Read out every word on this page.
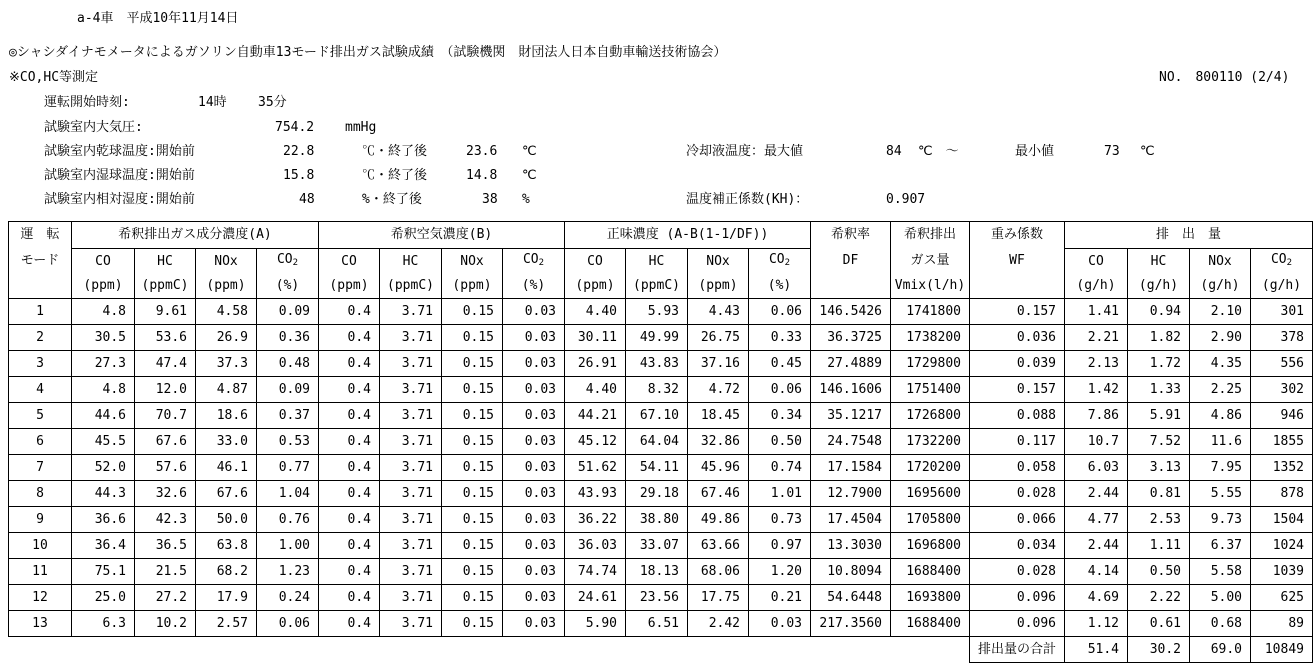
a-4車　平成10年11月14日
◎シャシダイナモメータによるガソリン自動車13モード排出ガス試験成績　（試験機関　財団法人日本自動車輸送技術協会）
※CO,HC等測定	NO.　800110 (2/4)
運転開始時刻:	14時 35分
試験室内大気圧:	754.2 mmHg
試験室内乾球温度:開始前	22.8	℃・終了後	23.6 ℃
試験室内湿球温度:開始前	15.8	℃・終了後	14.8 ℃
試験室内相対湿度:開始前	48	%・終了後	38 %
冷却液温度：最大値	84 ℃　～	最小値	73 ℃
温度補正係数(KH)：	0.907
運　転	希釈排出ガス成分濃度(A)				希釈空気濃度(B)				正味濃度 (A-B(1-1/DF))				希釈率	希釈排出	重み係数	排　出　量			
モード	CO	HC	NOx	$CO_2$	CO	HC	NOx	$CO_2$	CO	HC	NOx	$CO_2$	DF	ガス量	WF	CO	HC	NOx	$CO_2$
	(ppm)	(ppmC)	(ppm)	(%)	(ppm)	(ppmC)	(ppm)	(%)	(ppm)	(ppmC)	(ppm)	(%)		Vmix(l/h)		(g/h)	(g/h)	(g/h)	(g/h)
1	4.8	9.61	4.58	0.09	0.4	3.71	0.15	0.03	4.40	5.93	4.43	0.06	146.5426	1741800	0.157	1.41	0.94	2.10	301
2	30.5	53.6	26.9	0.36	0.4	3.71	0.15	0.03	30.11	49.99	26.75	0.33	36.3725	1738200	0.036	2.21	1.82	2.90	378
3	27.3	47.4	37.3	0.48	0.4	3.71	0.15	0.03	26.91	43.83	37.16	0.45	27.4889	1729800	0.039	2.13	1.72	4.35	556
4	4.8	12.0	4.87	0.09	0.4	3.71	0.15	0.03	4.40	8.32	4.72	0.06	146.1606	1751400	0.157	1.42	1.33	2.25	302
5	44.6	70.7	18.6	0.37	0.4	3.71	0.15	0.03	44.21	67.10	18.45	0.34	35.1217	1726800	0.088	7.86	5.91	4.86	946
6	45.5	67.6	33.0	0.53	0.4	3.71	0.15	0.03	45.12	64.04	32.86	0.50	24.7548	1732200	0.117	10.7	7.52	11.6	1855
7	52.0	57.6	46.1	0.77	0.4	3.71	0.15	0.03	51.62	54.11	45.96	0.74	17.1584	1720200	0.058	6.03	3.13	7.95	1352
8	44.3	32.6	67.6	1.04	0.4	3.71	0.15	0.03	43.93	29.18	67.46	1.01	12.7900	1695600	0.028	2.44	0.81	5.55	878
9	36.6	42.3	50.0	0.76	0.4	3.71	0.15	0.03	36.22	38.80	49.86	0.73	17.4504	1705800	0.066	4.77	2.53	9.73	1504
10	36.4	36.5	63.8	1.00	0.4	3.71	0.15	0.03	36.03	33.07	63.66	0.97	13.3030	1696800	0.034	2.44	1.11	6.37	1024
11	75.1	21.5	68.2	1.23	0.4	3.71	0.15	0.03	74.74	18.13	68.06	1.20	10.8094	1688400	0.028	4.14	0.50	5.58	1039
12	25.0	27.2	17.9	0.24	0.4	3.71	0.15	0.03	24.61	23.56	17.75	0.21	54.6448	1693800	0.096	4.69	2.22	5.00	625
13	6.3	10.2	2.57	0.06	0.4	3.71	0.15	0.03	5.90	6.51	2.42	0.03	217.3560	1688400	0.096	1.12	0.61	0.68	89
															排出量の合計	51.4	30.2	69.0	10849
